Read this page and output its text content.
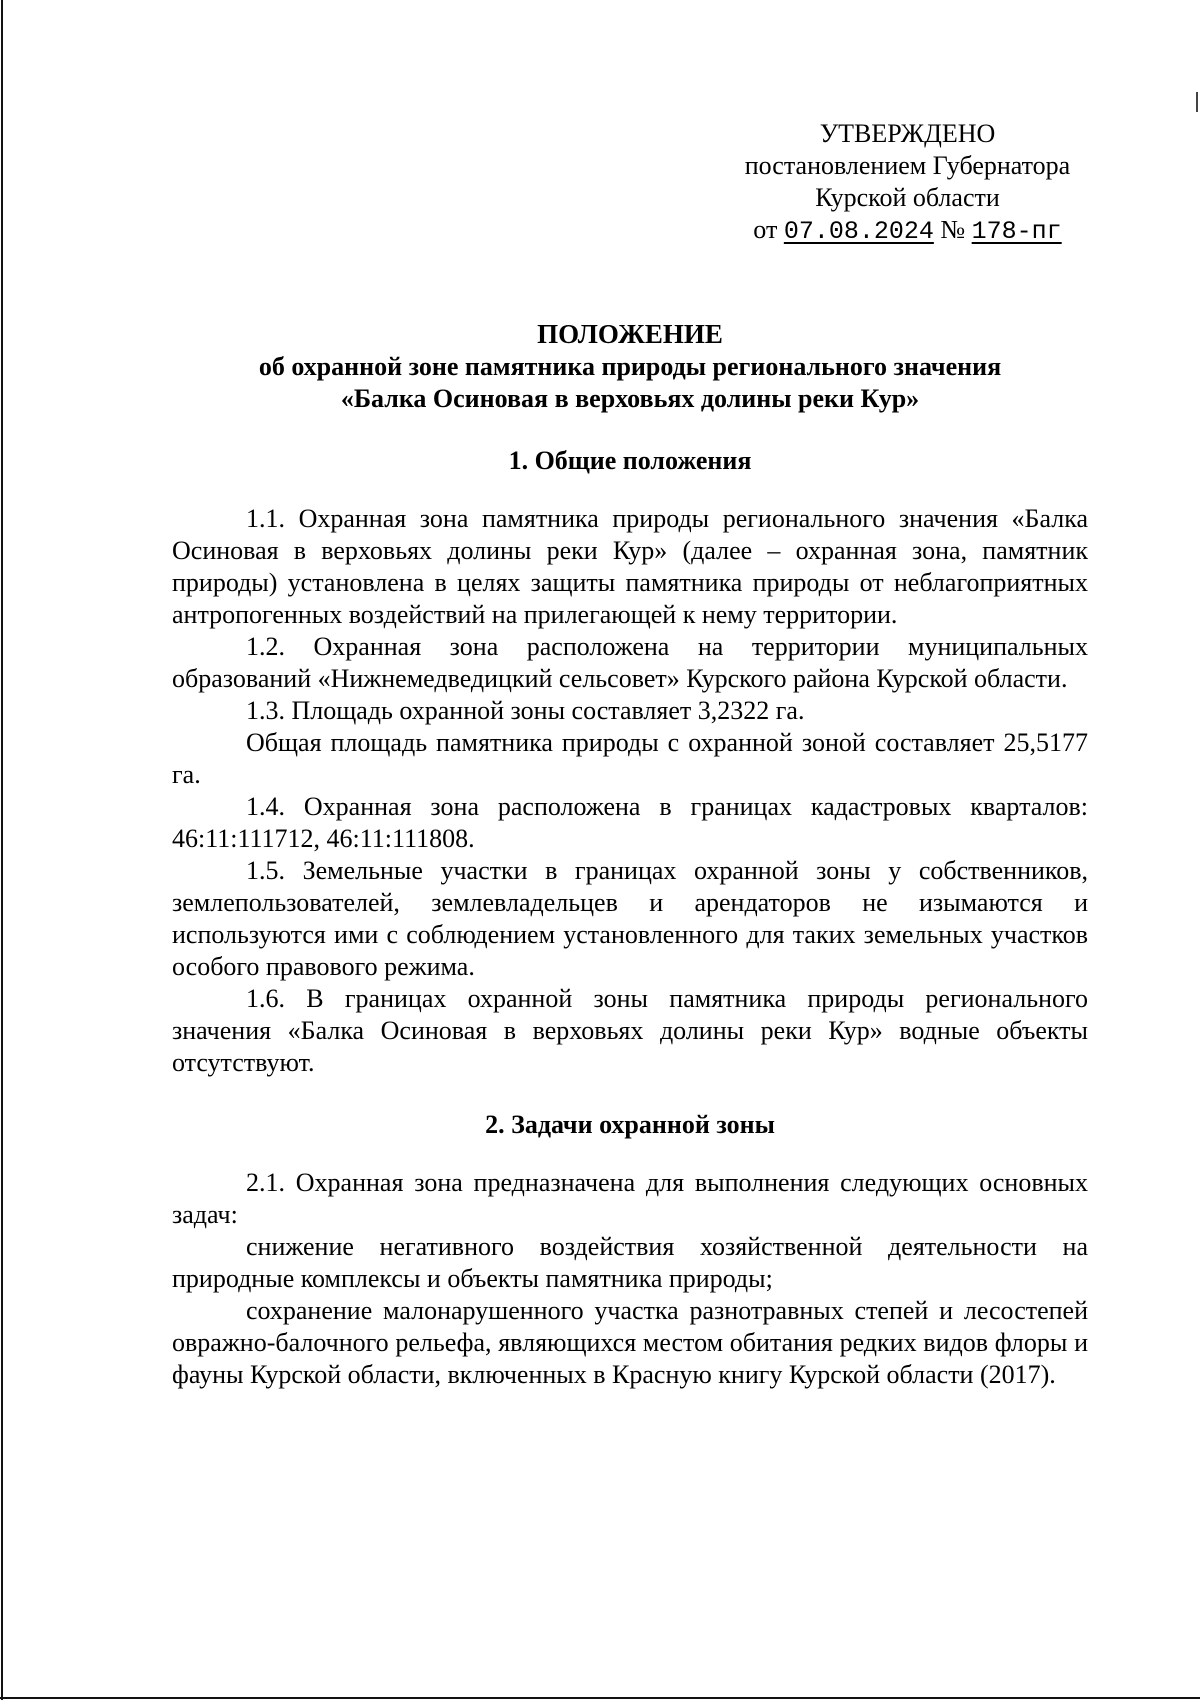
УТВЕРЖДЕНО
постановлением Губернатора
Курской области
от 07.08.2024 № 178-пг

ПОЛОЖЕНИЕ

об охранной зоне памятника природы регионального значения

«Балка Осиновая в верховьях долины реки Кур»

1. Общие положения

1.1. Охранная зона памятника природы регионального значения «Балка Осиновая в верховьях долины реки Кур» (далее – охранная зона, памятник природы) установлена в целях защиты памятника природы от неблагоприятных антропогенных воздействий на прилегающей к нему территории.

1.2. Охранная зона расположена на территории муниципальных образований «Нижнемедведицкий сельсовет» Курского района Курской области.

1.3. Площадь охранной зоны составляет 3,2322 га.

Общая площадь памятника природы с охранной зоной составляет 25,5177 га.

1.4. Охранная зона расположена в границах кадастровых кварталов: 46:11:111712, 46:11:111808.

1.5. Земельные участки в границах охранной зоны у собственников, землепользователей, землевладельцев и арендаторов не изымаются и используются ими с соблюдением установленного для таких земельных участков особого правового режима.

1.6. В границах охранной зоны памятника природы регионального значения «Балка Осиновая в верховьях долины реки Кур» водные объекты отсутствуют.

2. Задачи охранной зоны

2.1. Охранная зона предназначена для выполнения следующих основных задач:

снижение негативного воздействия хозяйственной деятельности на природные комплексы и объекты памятника природы;

сохранение малонарушенного участка разнотравных степей и лесостепей овражно-балочного рельефа, являющихся местом обитания редких видов флоры и фауны Курской области, включенных в Красную книгу Курской области (2017).
